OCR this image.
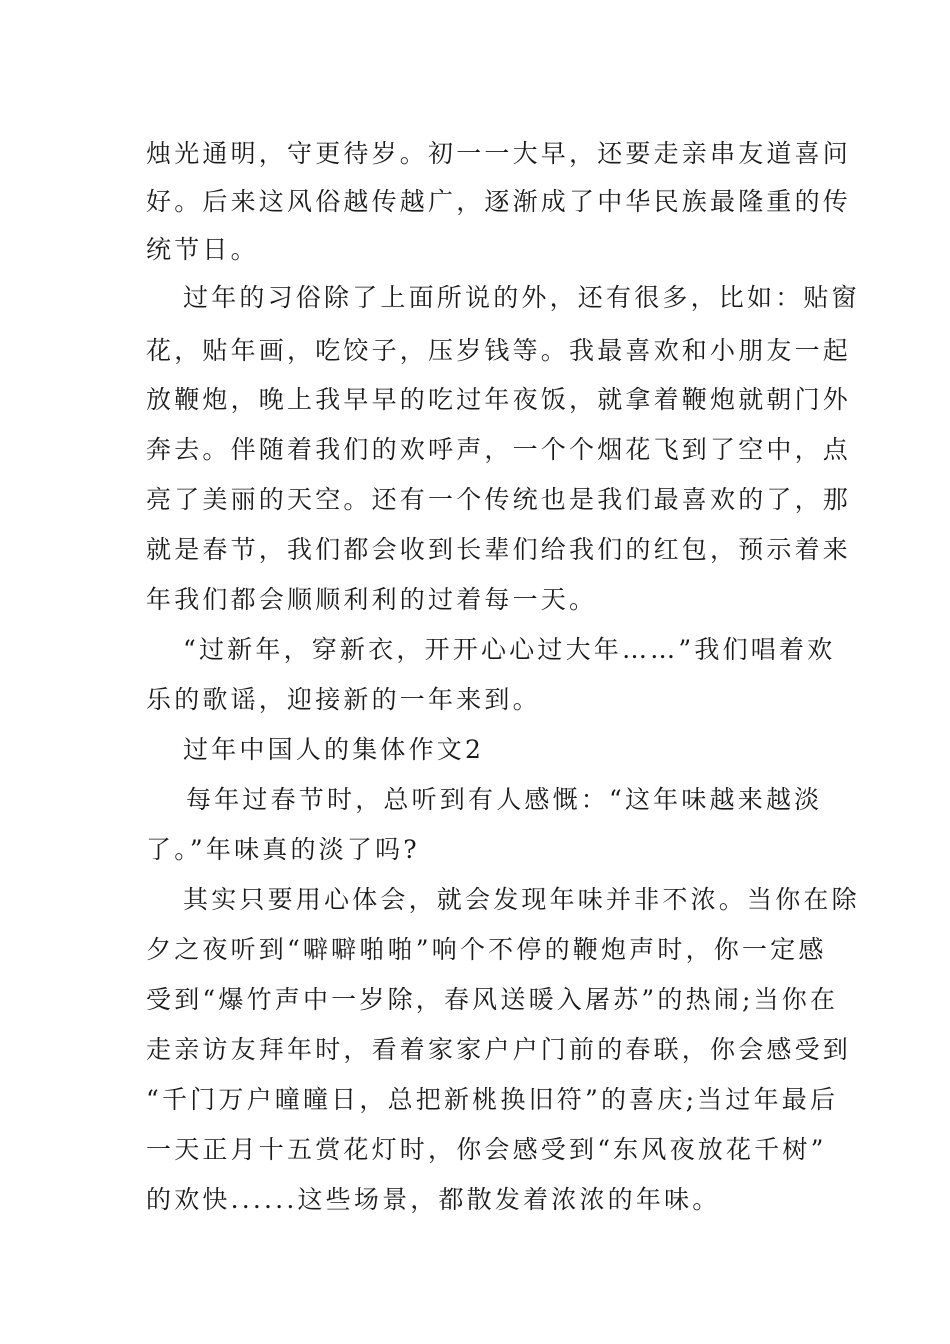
烛光通明，守更待岁。初一一大早，还要走亲串友道喜问
好。后来这风俗越传越广，逐渐成了中华民族最隆重的传
统节日。
过年的习俗除了上面所说的外，还有很多，比如：贴窗
花，贴年画，吃饺子，压岁钱等。我最喜欢和小朋友一起
放鞭炮，晚上我早早的吃过年夜饭，就拿着鞭炮就朝门外
奔去。伴随着我们的欢呼声，一个个烟花飞到了空中，点
亮了美丽的天空。还有一个传统也是我们最喜欢的了，那
就是春节，我们都会收到长辈们给我们的红包，预示着来
年我们都会顺顺利利的过着每一天。
“过新年，穿新衣，开开心心过大年……”我们唱着欢
乐的歌谣，迎接新的一年来到。
过年中国人的集体作文2
每年过春节时，总听到有人感慨：“这年味越来越淡
了。”年味真的淡了吗?
其实只要用心体会，就会发现年味并非不浓。当你在除
夕之夜听到“噼噼啪啪”响个不停的鞭炮声时，你一定感
受到“爆竹声中一岁除，春风送暖入屠苏”的热闹;当你在
走亲访友拜年时，看着家家户户门前的春联，你会感受到
“千门万户曈曈日，总把新桃换旧符”的喜庆;当过年最后
一天正月十五赏花灯时，你会感受到“东风夜放花千树”
的欢快......这些场景，都散发着浓浓的年味。
